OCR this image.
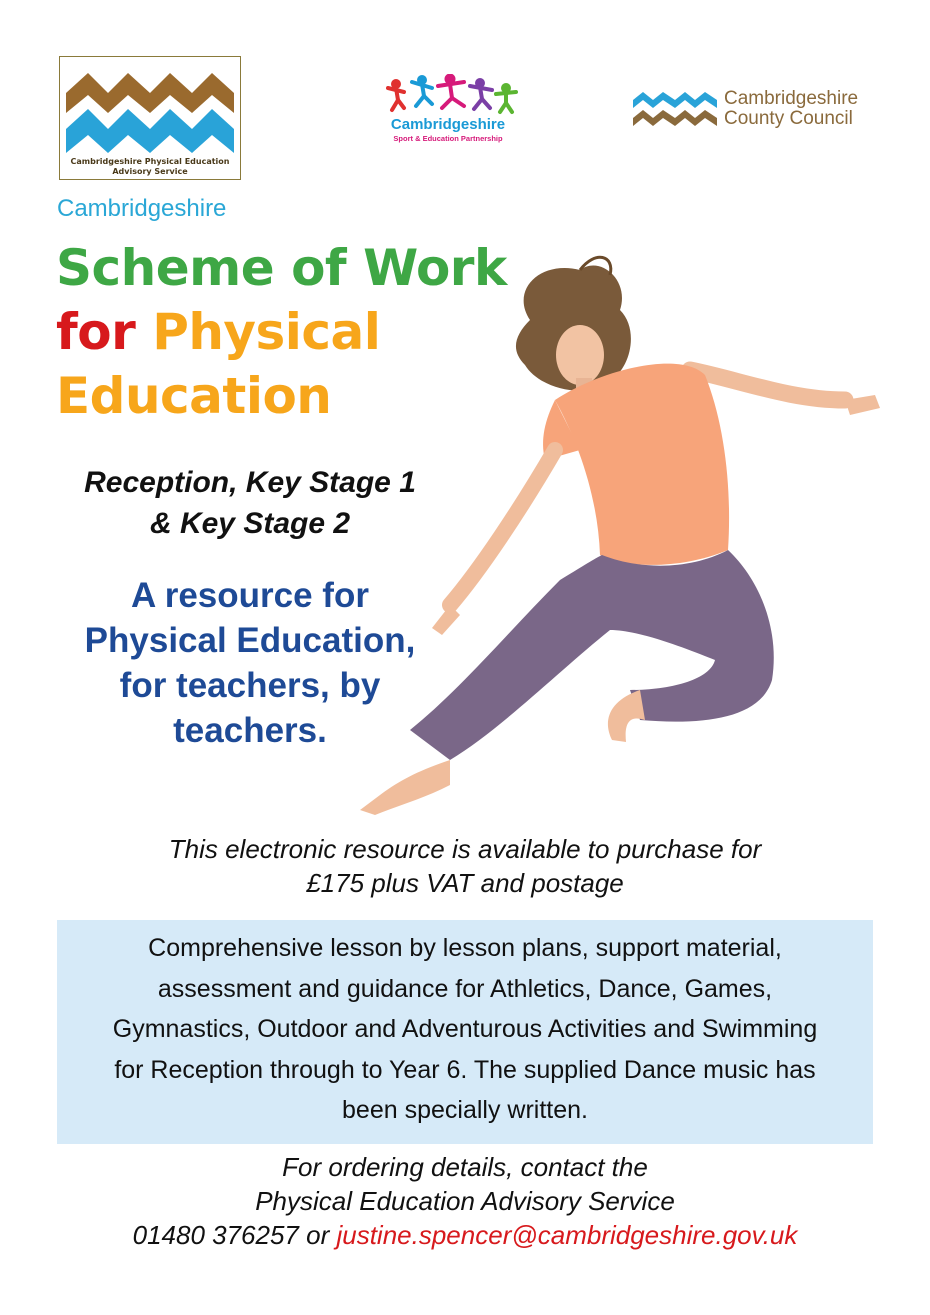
Cambridgeshire Physical Education
Advisory Service
Cambridgeshire
Sport & Education Partnership
Cambridgeshire
County Council
Cambridgeshire
Scheme of Work
for Physical
Education
Reception, Key Stage 1
& Key Stage 2
A resource for
Physical Education,
for teachers, by
teachers.
This electronic resource is available to purchase for
£175 plus VAT and postage
Comprehensive lesson by lesson plans, support material,
assessment and guidance for Athletics, Dance, Games,
Gymnastics, Outdoor and Adventurous Activities and Swimming
for Reception through to Year 6. The supplied Dance music has
been specially written.
For ordering details, contact the
Physical Education Advisory Service
01480 376257 or justine.spencer@cambridgeshire.gov.uk
